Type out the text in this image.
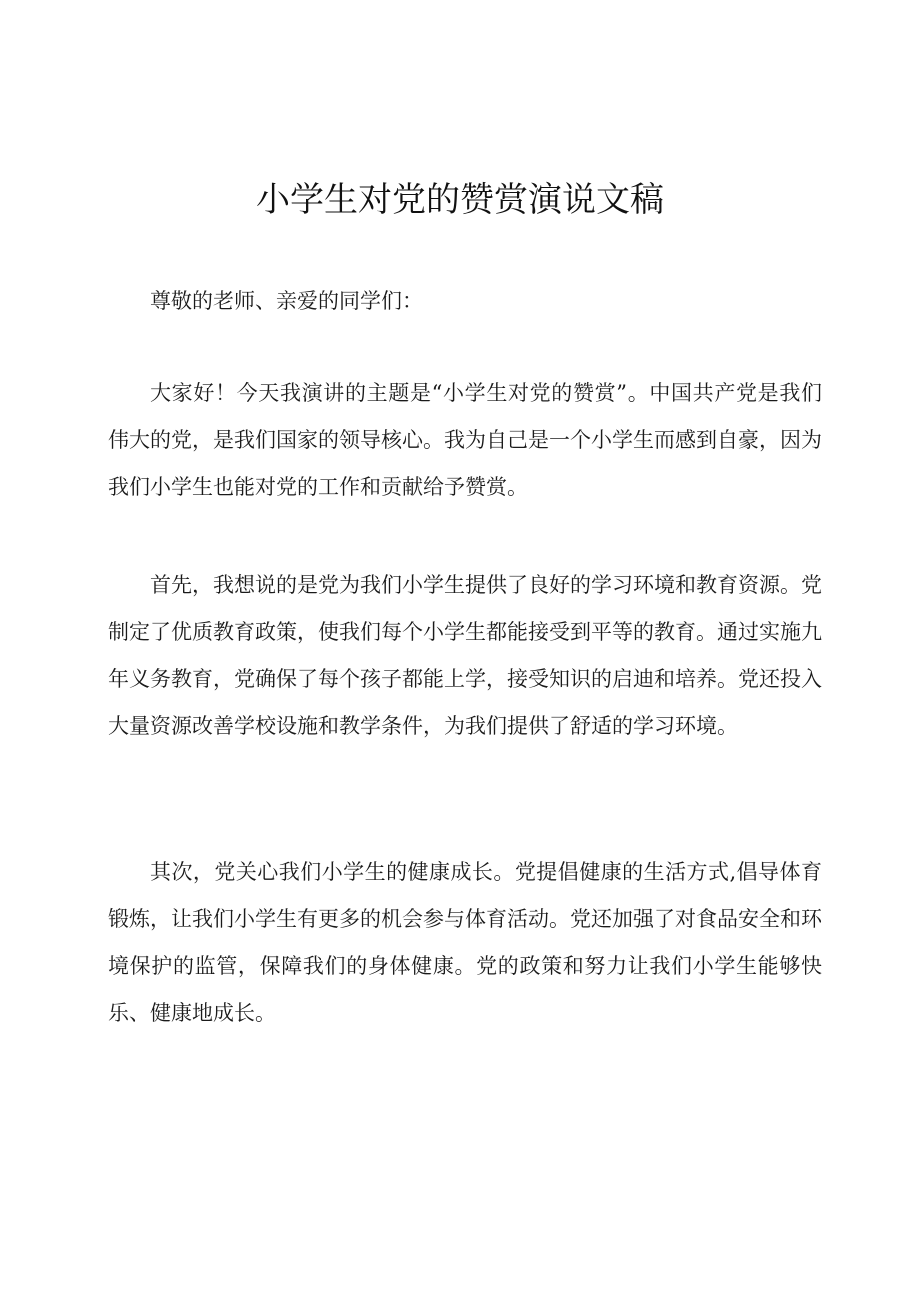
小学生对党的赞赏演说文稿

尊敬的老师、亲爱的同学们：

大家好！今天我演讲的主题是“小学生对党的赞赏”。中国共产党是我们伟大的党，是我们国家的领导核心。我为自己是一个小学生而感到自豪，因为我们小学生也能对党的工作和贡献给予赞赏。

首先，我想说的是党为我们小学生提供了良好的学习环境和教育资源。党制定了优质教育政策，使我们每个小学生都能接受到平等的教育。通过实施九年义务教育，党确保了每个孩子都能上学，接受知识的启迪和培养。党还投入大量资源改善学校设施和教学条件，为我们提供了舒适的学习环境。

其次，党关心我们小学生的健康成长。党提倡健康的生活方式,倡导体育锻炼，让我们小学生有更多的机会参与体育活动。党还加强了对食品安全和环境保护的监管，保障我们的身体健康。党的政策和努力让我们小学生能够快乐、健康地成长。
